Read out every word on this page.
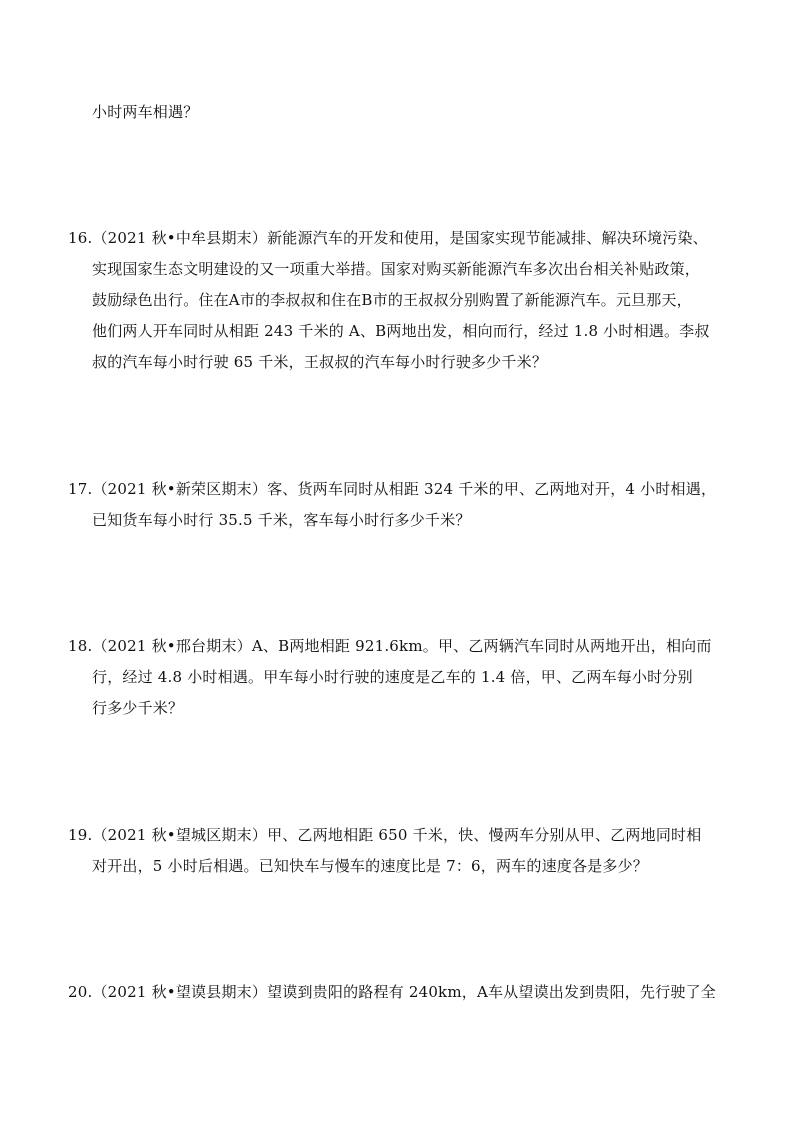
小时两车相遇？
16.（2021 秋•中牟县期末）新能源汽车的开发和使用，是国家实现节能减排、解决环境污染、
实现国家生态文明建设的又一项重大举措。国家对购买新能源汽车多次出台相关补贴政策，
鼓励绿色出行。住在A市的李叔叔和住在B市的王叔叔分别购置了新能源汽车。元旦那天，
他们两人开车同时从相距 243 千米的 A、B两地出发，相向而行，经过 1.8 小时相遇。李叔
叔的汽车每小时行驶 65 千米，王叔叔的汽车每小时行驶多少千米？
17.（2021 秋•新荣区期末）客、货两车同时从相距 324 千米的甲、乙两地对开，4 小时相遇，
已知货车每小时行 35.5 千米，客车每小时行多少千米？
18.（2021 秋•邢台期末）A、B两地相距 921.6km。甲、乙两辆汽车同时从两地开出，相向而
行，经过 4.8 小时相遇。甲车每小时行驶的速度是乙车的 1.4 倍，甲、乙两车每小时分别
行多少千米？
19.（2021 秋•望城区期末）甲、乙两地相距 650 千米，快、慢两车分别从甲、乙两地同时相
对开出，5 小时后相遇。已知快车与慢车的速度比是 7：6，两车的速度各是多少？
20.（2021 秋•望谟县期末）望谟到贵阳的路程有 240km，A车从望谟出发到贵阳，先行驶了全
